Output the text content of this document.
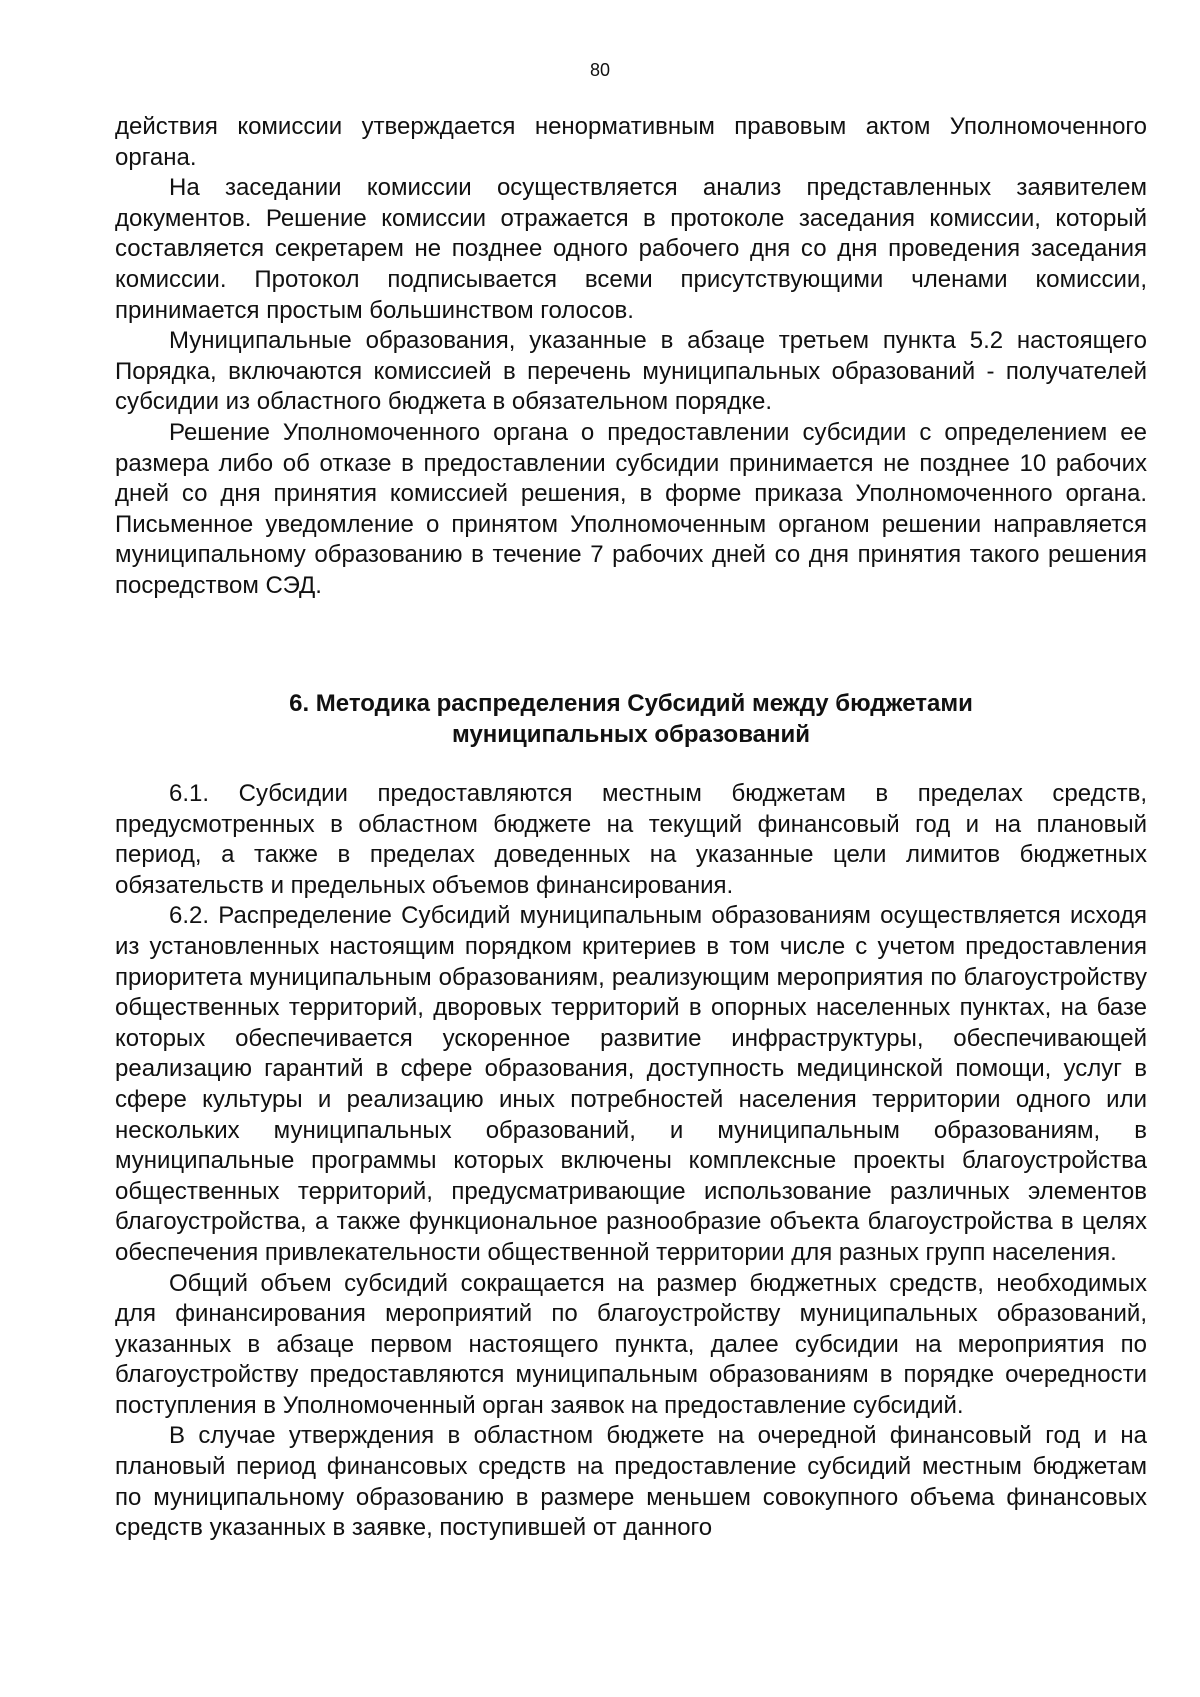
80

действия комиссии утверждается ненормативным правовым актом Уполномоченного органа.

На заседании комиссии осуществляется анализ представленных заявителем документов. Решение комиссии отражается в протоколе заседания комиссии, который составляется секретарем не позднее одного рабочего дня со дня проведения заседания комиссии. Протокол подписывается всеми присутствующими членами комиссии, принимается простым большинством голосов.

Муниципальные образования, указанные в абзаце третьем пункта 5.2 настоящего Порядка, включаются комиссией в перечень муниципальных образований - получателей субсидии из областного бюджета в обязательном порядке.

Решение Уполномоченного органа о предоставлении субсидии с определением ее размера либо об отказе в предоставлении субсидии принимается не позднее 10 рабочих дней со дня принятия комиссией решения, в форме приказа Уполномоченного органа. Письменное уведомление о принятом Уполномоченным органом решении направляется муниципальному образованию в течение 7 рабочих дней со дня принятия такого решения посредством СЭД.

6. Методика распределения Субсидий между бюджетами
муниципальных образований

6.1. Субсидии предоставляются местным бюджетам в пределах средств, предусмотренных в областном бюджете на текущий финансовый год и на плановый период, а также в пределах доведенных на указанные цели лимитов бюджетных обязательств и предельных объемов финансирования.

6.2. Распределение Субсидий муниципальным образованиям осуществляется исходя из установленных настоящим порядком критериев в том числе с учетом предоставления приоритета муниципальным образованиям, реализующим мероприятия по благоустройству общественных территорий, дворовых территорий в опорных населенных пунктах, на базе которых обеспечивается ускоренное развитие инфраструктуры, обеспечивающей реализацию гарантий в сфере образования, доступность медицинской помощи, услуг в сфере культуры и реализацию иных потребностей населения территории одного или нескольких муниципальных образований, и муниципальным образованиям, в муниципальные программы которых включены комплексные проекты благоустройства общественных территорий, предусматривающие использование различных элементов благоустройства, а также функциональное разнообразие объекта благоустройства в целях обеспечения привлекательности общественной территории для разных групп населения.

Общий объем субсидий сокращается на размер бюджетных средств, необходимых для финансирования мероприятий по благоустройству муниципальных образований, указанных в абзаце первом настоящего пункта, далее субсидии на мероприятия по благоустройству предоставляются муниципальным образованиям в порядке очередности поступления в Уполномоченный орган заявок на предоставление субсидий.

В случае утверждения в областном бюджете на очередной финансовый год и на плановый период финансовых средств на предоставление субсидий местным бюджетам по муниципальному образованию в размере меньшем совокупного объема финансовых средств указанных в заявке, поступившей от данного
